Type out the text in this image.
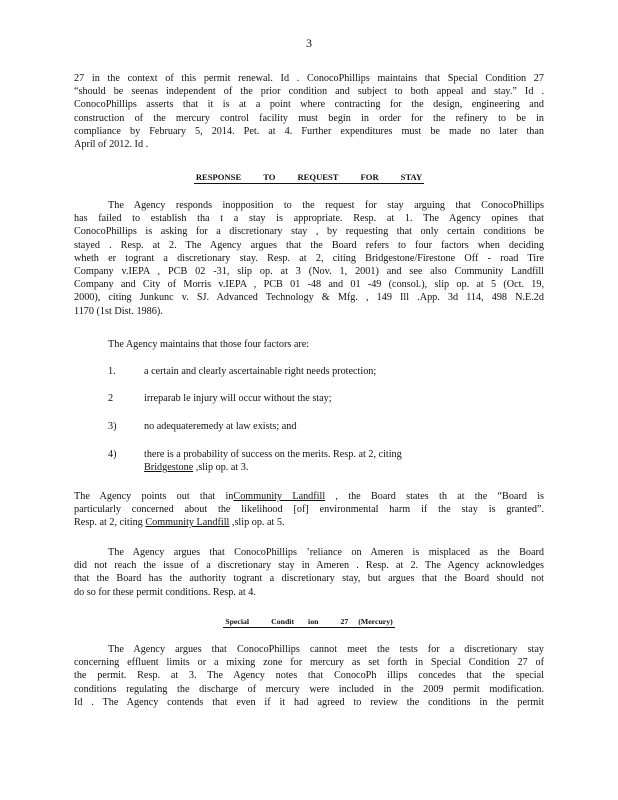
3
27 in the context of this permit renewal. Id . ConocoPhillips maintains that Special Condition 27
“should be seenas independent of the prior condition and subject to both appeal and stay.” Id .
ConocoPhillips asserts that it is at a point where contracting for the design, engineering and
construction of the mercury control facility must begin in order for the refinery to be in
compliance by February 5, 2014. Pet. at 4. Further expenditures must be made no later than
April of 2012. Id .
RESPONSE	TO	REQUEST	FOR	STAY
The Agency responds inopposition to the request for stay arguing that ConocoPhillips
has failed to establish tha t a stay is appropriate. Resp. at 1. The Agency opines that
ConocoPhillips is asking for a discretionary stay , by requesting that only certain conditions be
stayed . Resp. at 2. The Agency argues that the Board refers to four factors when deciding
wheth er togrant a discretionary stay. Resp. at 2, citing Bridgestone/Firestone Off - road Tire
Company v.IEPA , PCB 02 -31, slip op. at 3 (Nov. 1, 2001) and see also Community Landfill
Company and City of Morris v.IEPA , PCB 01 -48 and 01 -49 (consol.), slip op. at 5 (Oct. 19,
2000), citing Junkunc v. SJ. Advanced Technology & Mfg. , 149 Ill .App. 3d 114, 498 N.E.2d
1170 (1st Dist. 1986).
The Agency maintains that those four factors are:
1.	a certain and clearly ascertainable right needs protection;
2	irreparab le injury will occur without the stay;
3)	no adequateremedy at law exists; and
4)	there is a probability of success on the merits. Resp. at 2, citing
Bridgestone ,slip op. at 3.
The Agency points out that inCommunity Landfill , the Board states th at the “Board is
particularly concerned about the likelihood [of] environmental harm if the stay is granted”.
Resp. at 2, citing Community Landfill ,slip op. at 5.
The Agency argues that ConocoPhillips ’reliance on Ameren is misplaced as the Board
did not reach the issue of a discretionary stay in Ameren . Resp. at 2. The Agency acknowledges
that the Board has the authority togrant a discretionary stay, but argues that the Board should not
do so for these permit conditions. Resp. at 4.
Special	Condit ion	27 (Mercury)
The Agency argues that ConocoPhillips cannot meet the tests for a discretionary stay
concerning effluent limits or a mixing zone for mercury as set forth in Special Condition 27 of
the permit. Resp. at 3. The Agency notes that ConocoPh illips concedes that the special
conditions regulating the discharge of mercury were included in the 2009 permit modification.
Id . The Agency contends that even if it had agreed to review the conditions in the permit
